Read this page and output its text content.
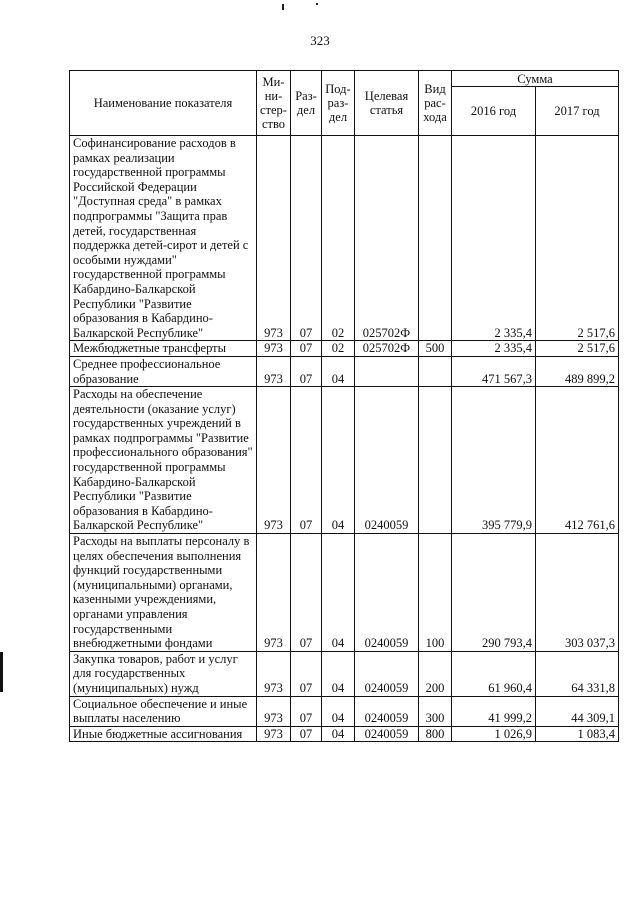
323
Наименование показателя	Ми-ни-стер-ство	Раз-дел	Под-раз-дел	Целевая статья	Вид рас-хода	Сумма	
						2016 год	2017 год
Софинансирование расходов в рамках реализации государственной программы Российской Федерации "Доступная среда" в рамках подпрограммы "Защита прав детей, государственная поддержка детей-сирот и детей с особыми нуждами" государственной программы Кабардино-Балкарской Республики "Развитие образования в Кабардино-Балкарской Республике"	973	07	02	025702Ф		2 335,4	2 517,6
Межбюджетные трансферты	973	07	02	025702Ф	500	2 335,4	2 517,6
Среднее профессиональное образование	973	07	04			471 567,3	489 899,2
Расходы на обеспечение деятельности (оказание услуг) государственных учреждений в рамках подпрограммы "Развитие профессионального образования" государственной программы Кабардино-Балкарской Республики "Развитие образования в Кабардино-Балкарской Республике"	973	07	04	0240059		395 779,9	412 761,6
Расходы на выплаты персоналу в целях обеспечения выполнения функций государственными (муниципальными) органами, казенными учреждениями, органами управления государственными внебюджетными фондами	973	07	04	0240059	100	290 793,4	303 037,3
Закупка товаров, работ и услуг для государственных (муниципальных) нужд	973	07	04	0240059	200	61 960,4	64 331,8
Социальное обеспечение и иные выплаты населению	973	07	04	0240059	300	41 999,2	44 309,1
Иные бюджетные ассигнования	973	07	04	0240059	800	1 026,9	1 083,4
